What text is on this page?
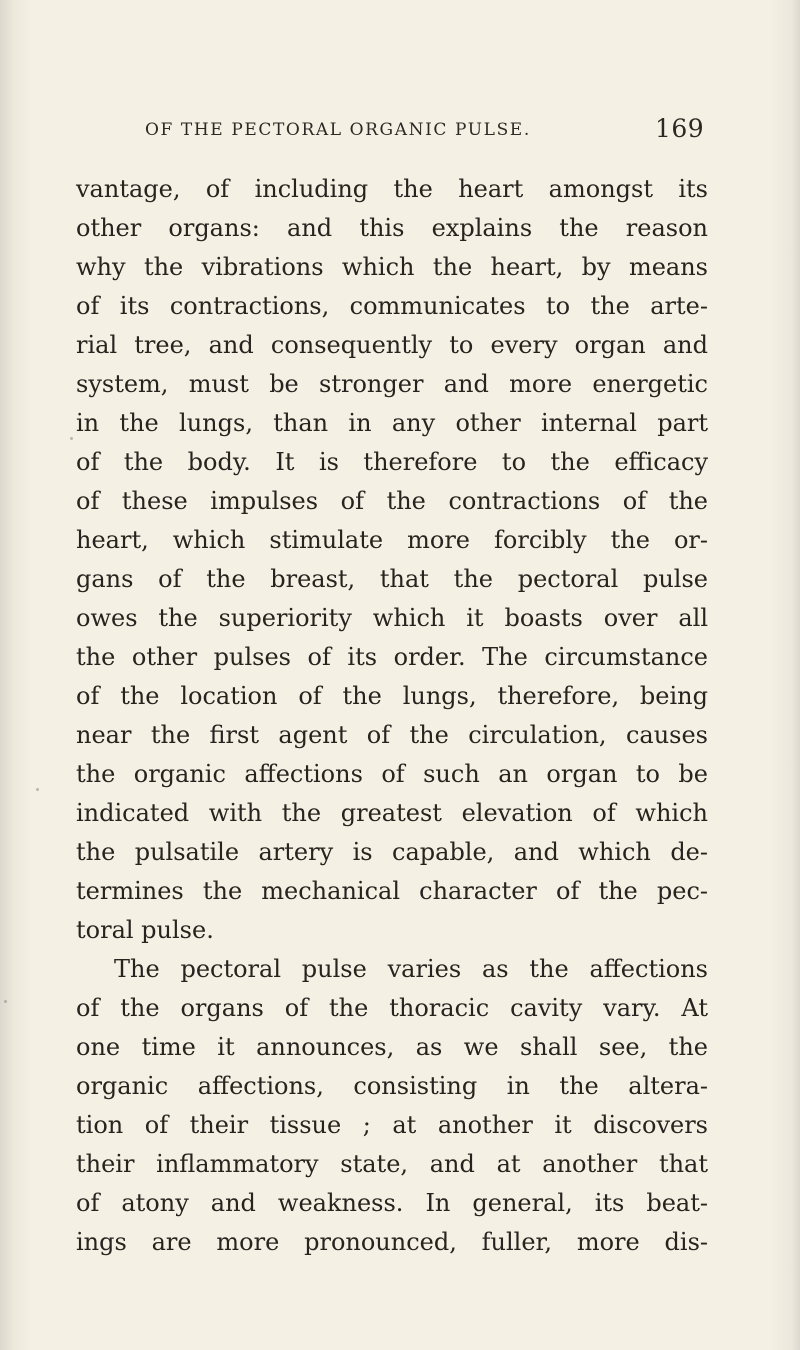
OF THE PECTORAL ORGANIC PULSE.	169
vantage, of including the heart amongst its
other organs: and this explains the reason
why the vibrations which the heart, by means
of its contractions, communicates to the arte-
rial tree, and consequently to every organ and
system, must be stronger and more energetic
in the lungs, than in any other internal part
of the body. It is therefore to the efficacy
of these impulses of the contractions of the
heart, which stimulate more forcibly the or-
gans of the breast, that the pectoral pulse
owes the superiority which it boasts over all
the other pulses of its order. The circumstance
of the location of the lungs, therefore, being
near the first agent of the circulation, causes
the organic affections of such an organ to be
indicated with the greatest elevation of which
the pulsatile artery is capable, and which de-
termines the mechanical character of the pec-
toral pulse.
The pectoral pulse varies as the affections
of the organs of the thoracic cavity vary. At
one time it announces, as we shall see, the
organic affections, consisting in the altera-
tion of their tissue ; at another it discovers
their inflammatory state, and at another that
of atony and weakness. In general, its beat-
ings are more pronounced, fuller, more dis-
